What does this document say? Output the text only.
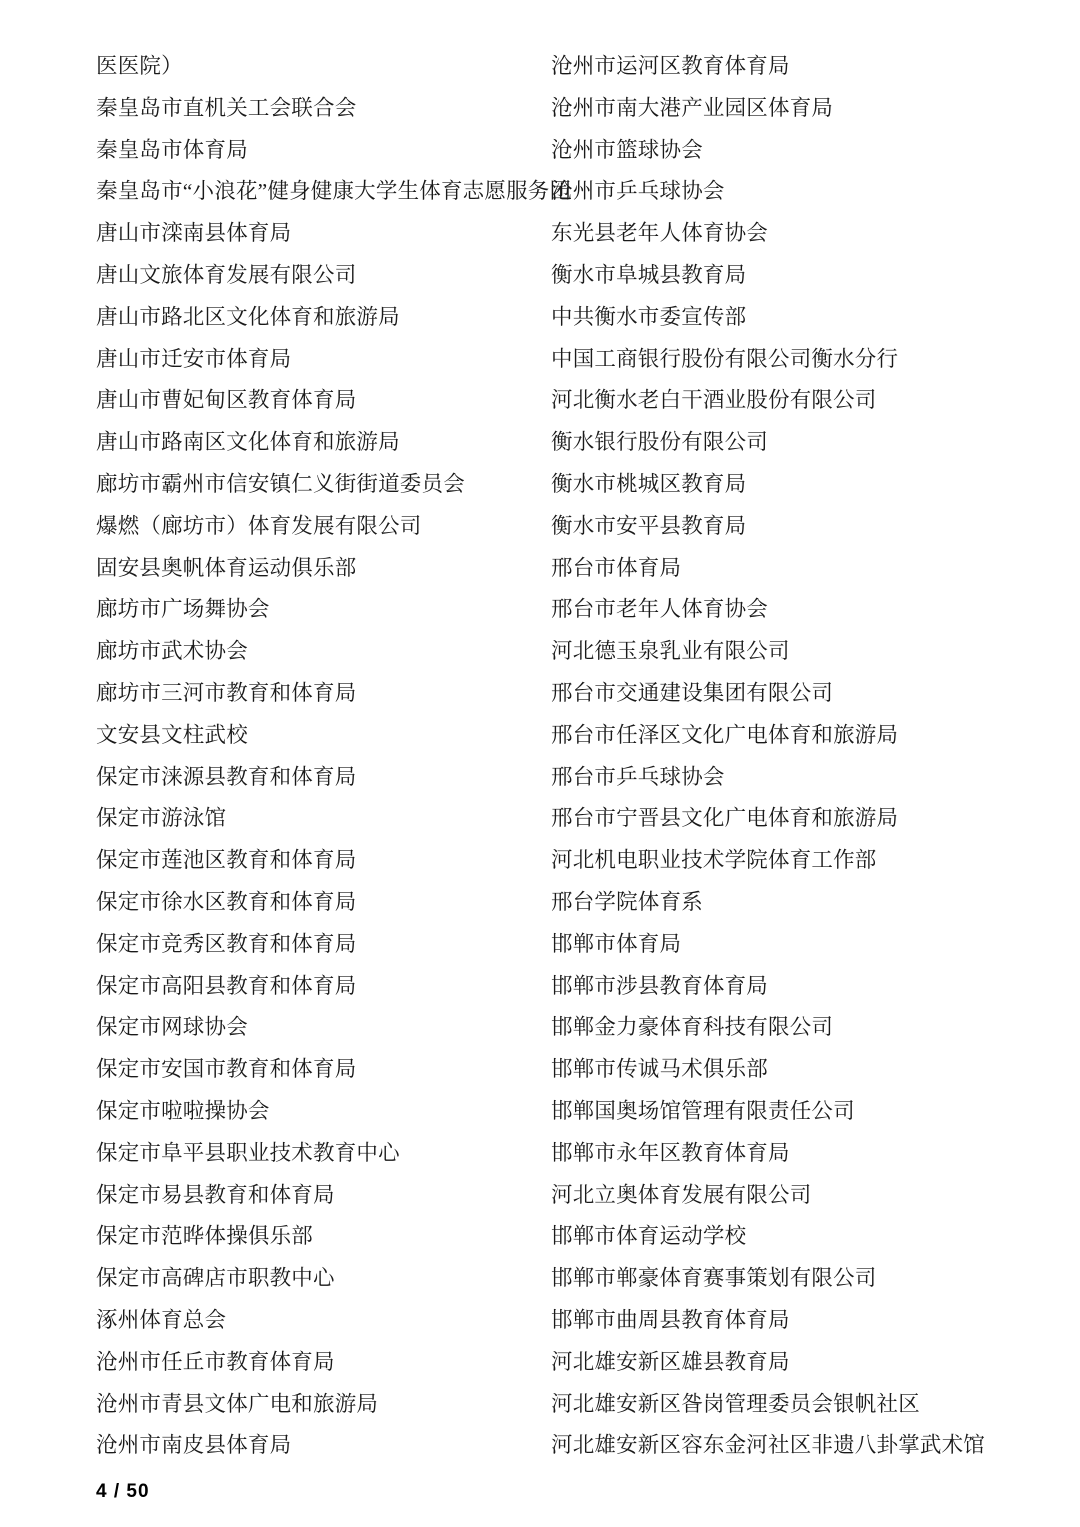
医医院）
秦皇岛市直机关工会联合会
秦皇岛市体育局
秦皇岛市“小浪花”健身健康大学生体育志愿服务团
唐山市滦南县体育局
唐山文旅体育发展有限公司
唐山市路北区文化体育和旅游局
唐山市迁安市体育局
唐山市曹妃甸区教育体育局
唐山市路南区文化体育和旅游局
廊坊市霸州市信安镇仁义街街道委员会
爆燃（廊坊市）体育发展有限公司
固安县奥帆体育运动俱乐部
廊坊市广场舞协会
廊坊市武术协会
廊坊市三河市教育和体育局
文安县文柱武校
保定市涞源县教育和体育局
保定市游泳馆
保定市莲池区教育和体育局
保定市徐水区教育和体育局
保定市竞秀区教育和体育局
保定市高阳县教育和体育局
保定市网球协会
保定市安国市教育和体育局
保定市啦啦操协会
保定市阜平县职业技术教育中心
保定市易县教育和体育局
保定市范晔体操俱乐部
保定市高碑店市职教中心
涿州体育总会
沧州市任丘市教育体育局
沧州市青县文体广电和旅游局
沧州市南皮县体育局
沧州市运河区教育体育局
沧州市南大港产业园区体育局
沧州市篮球协会
沧州市乒乓球协会
东光县老年人体育协会
衡水市阜城县教育局
中共衡水市委宣传部
中国工商银行股份有限公司衡水分行
河北衡水老白干酒业股份有限公司
衡水银行股份有限公司
衡水市桃城区教育局
衡水市安平县教育局
邢台市体育局
邢台市老年人体育协会
河北德玉泉乳业有限公司
邢台市交通建设集团有限公司
邢台市任泽区文化广电体育和旅游局
邢台市乒乓球协会
邢台市宁晋县文化广电体育和旅游局
河北机电职业技术学院体育工作部
邢台学院体育系
邯郸市体育局
邯郸市涉县教育体育局
邯郸金力豪体育科技有限公司
邯郸市传诚马术俱乐部
邯郸国奥场馆管理有限责任公司
邯郸市永年区教育体育局
河北立奥体育发展有限公司
邯郸市体育运动学校
邯郸市郸豪体育赛事策划有限公司
邯郸市曲周县教育体育局
河北雄安新区雄县教育局
河北雄安新区昝岗管理委员会银帆社区
河北雄安新区容东金河社区非遗八卦掌武术馆
4 / 50
